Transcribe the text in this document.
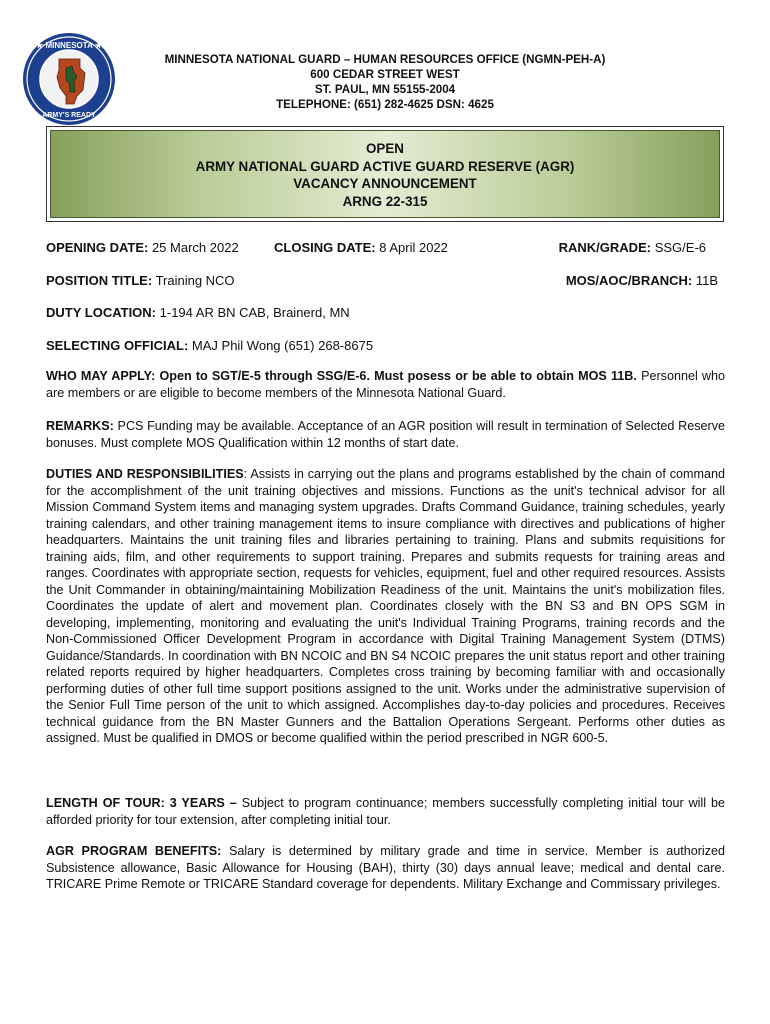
★ MINNESOTA ★
ARMY'S READY
MINNESOTA NATIONAL GUARD – HUMAN RESOURCES OFFICE (NGMN-PEH-A)
600 CEDAR STREET WEST
ST. PAUL, MN 55155-2004
TELEPHONE: (651) 282-4625 DSN: 4625
OPEN
ARMY NATIONAL GUARD ACTIVE GUARD RESERVE (AGR)
VACANCY ANNOUNCEMENT
ARNG 22-315
OPENING DATE: 25 March 2022	CLOSING DATE: 8 April 2022	RANK/GRADE: SSG/E-6
POSITION TITLE: Training NCO	MOS/AOC/BRANCH: 11B
DUTY LOCATION: 1-194 AR BN CAB, Brainerd, MN
SELECTING OFFICIAL: MAJ Phil Wong (651) 268-8675
WHO MAY APPLY: Open to SGT/E-5 through SSG/E-6. Must posess or be able to obtain MOS 11B. Personnel who are members or are eligible to become members of the Minnesota National Guard.
REMARKS: PCS Funding may be available. Acceptance of an AGR position will result in termination of Selected Reserve bonuses. Must complete MOS Qualification within 12 months of start date.
DUTIES AND RESPONSIBILITIES: Assists in carrying out the plans and programs established by the chain of command for the accomplishment of the unit training objectives and missions. Functions as the unit's technical advisor for all Mission Command System items and managing system upgrades. Drafts Command Guidance, training schedules, yearly training calendars, and other training management items to insure compliance with directives and publications of higher headquarters. Maintains the unit training files and libraries pertaining to training. Plans and submits requisitions for training aids, film, and other requirements to support training. Prepares and submits requests for training areas and ranges. Coordinates with appropriate section, requests for vehicles, equipment, fuel and other required resources. Assists the Unit Commander in obtaining/maintaining Mobilization Readiness of the unit. Maintains the unit's mobilization files. Coordinates the update of alert and movement plan. Coordinates closely with the BN S3 and BN OPS SGM in developing, implementing, monitoring and evaluating the unit's Individual Training Programs, training records and the Non-Commissioned Officer Development Program in accordance with Digital Training Management System (DTMS) Guidance/Standards. In coordination with BN NCOIC and BN S4 NCOIC prepares the unit status report and other training related reports required by higher headquarters. Completes cross training by becoming familiar with and occasionally performing duties of other full time support positions assigned to the unit. Works under the administrative supervision of the Senior Full Time person of the unit to which assigned. Accomplishes day-to-day policies and procedures. Receives technical guidance from the BN Master Gunners and the Battalion Operations Sergeant. Performs other duties as assigned. Must be qualified in DMOS or become qualified within the period prescribed in NGR 600-5.
LENGTH OF TOUR: 3 YEARS – Subject to program continuance; members successfully completing initial tour will be afforded priority for tour extension, after completing initial tour.
AGR PROGRAM BENEFITS: Salary is determined by military grade and time in service. Member is authorized Subsistence allowance, Basic Allowance for Housing (BAH), thirty (30) days annual leave; medical and dental care. TRICARE Prime Remote or TRICARE Standard coverage for dependents. Military Exchange and Commissary privileges.
